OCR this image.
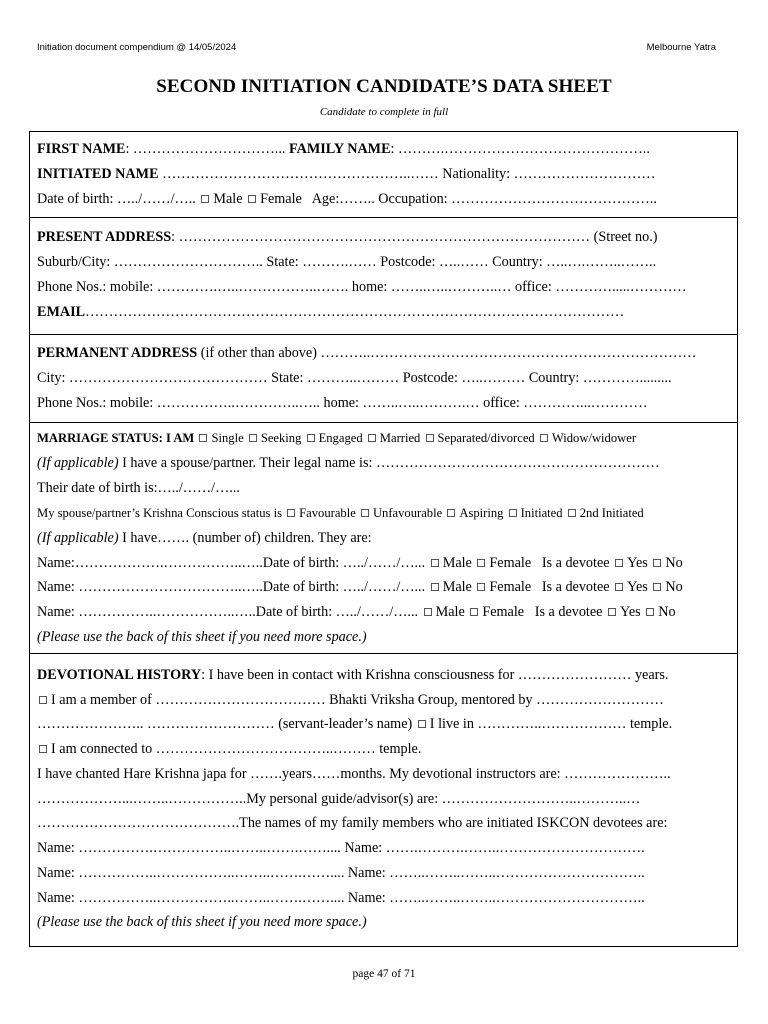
Initiation document compendium @ 14/05/2024	Melbourne Yatra
SECOND INITIATION CANDIDATE’S DATA SHEET
Candidate to complete in full
FIRST NAME: …………………………... FAMILY NAME: ……….……………………………………..
INITIATED NAME ……………………………………………..…… Nationality: …………………………
Date of birth: …../……/….. Male Female Age:…….. Occupation: ……………………………………..
PRESENT ADDRESS: …………………………………………………………………………… (Street no.)
Suburb/City: ………………………….. State: ……….…… Postcode: …..…… Country: …..….……..……..
Phone Nos.: mobile: ………….…..……………..……. home: ……..…..………..… office: ………….....…………
EMAIL……………………………………………………………………………………………………
PERMANENT ADDRESS (if other than above) ………..……………………………………………………………
City: …………………………………… State: ………..……… Postcode: …..……… Country: ………….........
Phone Nos.: mobile: ……………..…………..….. home: ……..…..……….… office: …………...…………
MARRIAGE STATUS: I AM Single Seeking Engaged Married Separated/divorced Widow/widower
(If applicable) I have a spouse/partner. Their legal name is: ……………………………………………………
Their date of birth is:…../……/…...
My spouse/partner’s Krishna Conscious status is Favourable Unfavourable Aspiring Initiated 2nd Initiated
(If applicable) I have……. (number of) children. They are:
Name:……………….……………..…..Date of birth: …../……/…... Male Female Is a devotee Yes No
Name: ……………………………..…..Date of birth: …../……/…... Male Female Is a devotee Yes No
Name: ……………..……………..…..Date of birth: …../……/…... Male Female Is a devotee Yes No
(Please use the back of this sheet if you need more space.)
DEVOTIONAL HISTORY: I have been in contact with Krishna consciousness for …………………… years.
I am a member of ……………………………… Bhakti Vriksha Group, mentored by ………………………
………………….. ……………………… (servant-leader’s name) I live in …………..……………… temple.
I am connected to ………………………………..……… temple.
I have chanted Hare Krishna japa for …….years……months. My devotional instructors are: …………………..
………………...……..……………..My personal guide/advisor(s) are: ………………………..………..…
…………………………………….The names of my family members who are initiated ISKCON devotees are:
Name: …………….……………..……..…….…….... Name: …….……….……..………………………….
Name: ……………..……………..……..…….…….... Name: ……..……..……..…………………………..
Name: ……………..……………..……..…….…….... Name: ……..……..……..…………………………..
(Please use the back of this sheet if you need more space.)
page 47 of 71
